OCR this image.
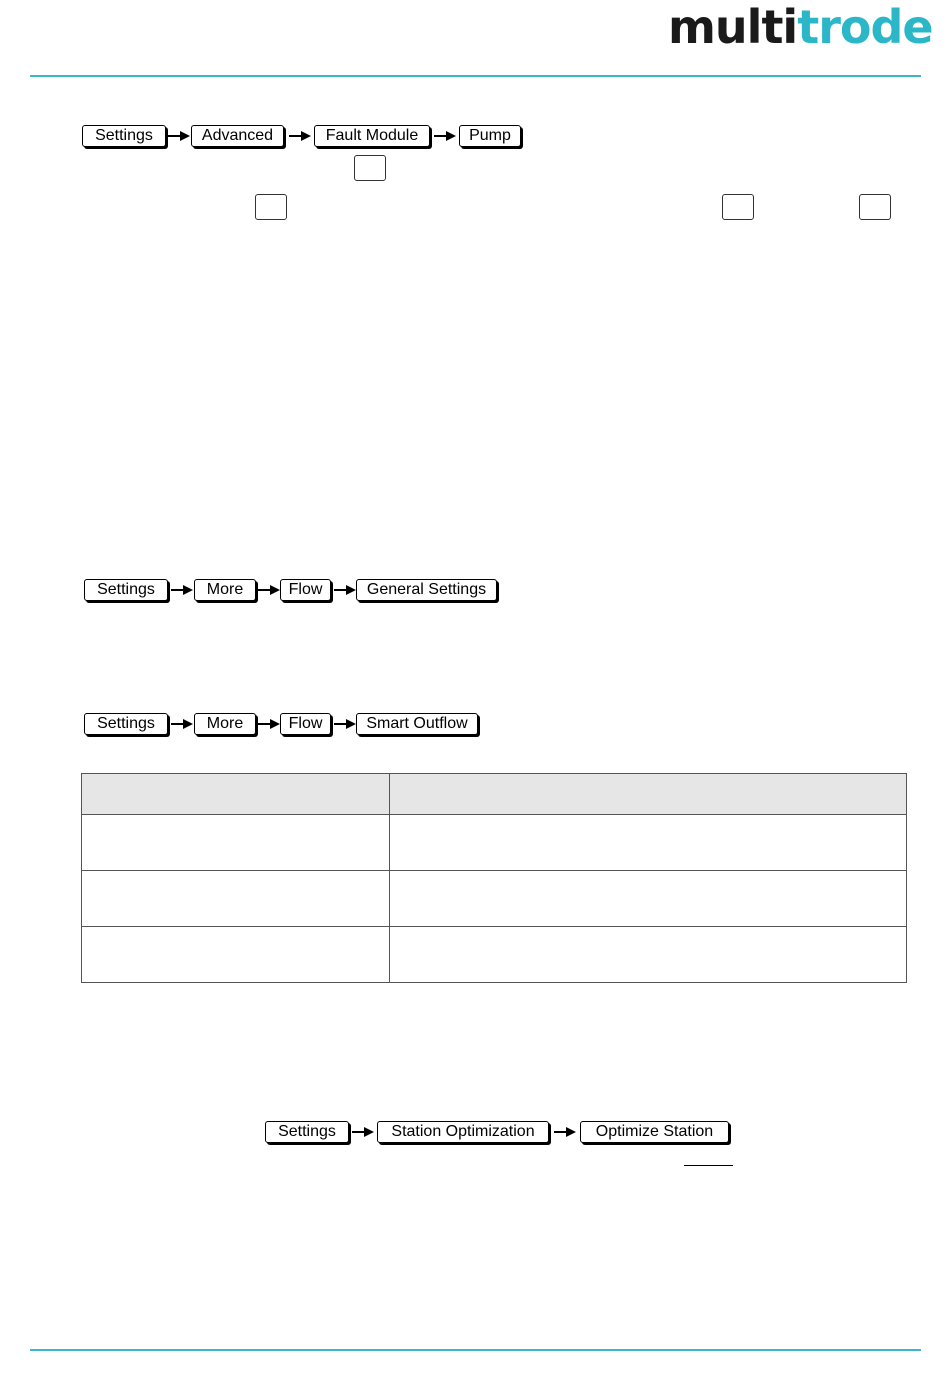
multitrode
Settings	Advanced	Fault Module	Pump
Settings	More	Flow	General Settings
Settings	More	Flow	Smart Outflow

Settings	Station Optimization	Optimize Station
